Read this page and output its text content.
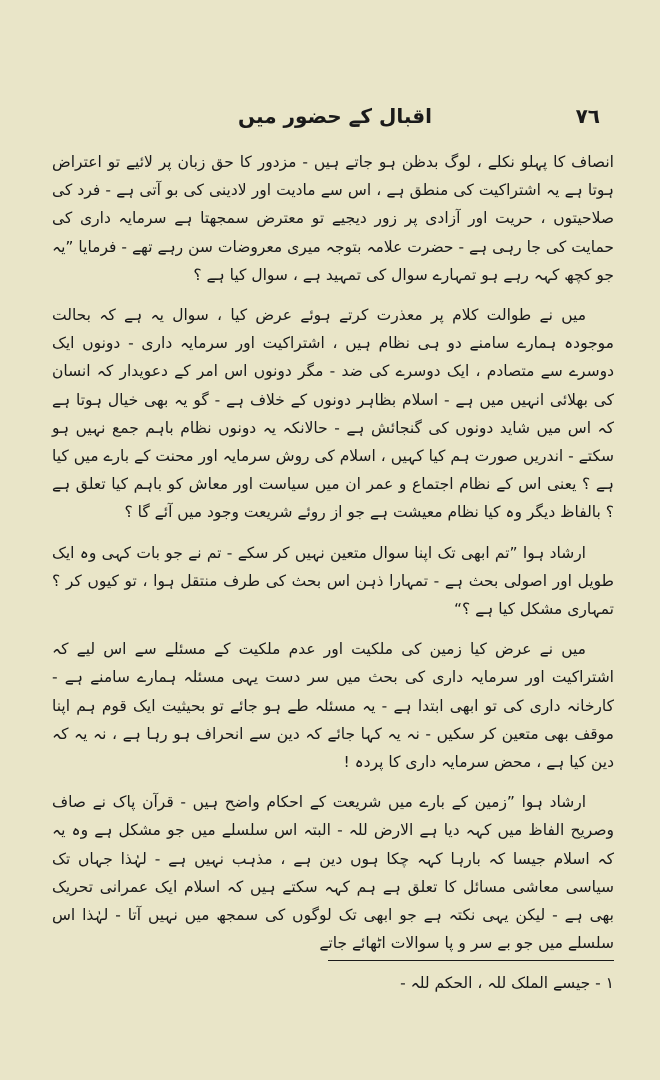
٧٦
اقبال کے حضور میں

انصاف کا پہلو نکلے ، لوگ بدظن ہو جاتے ہیں - مزدور کا حق زبان پر لائیے تو اعتراض ہوتا ہے یہ اشتراکیت کی منطق ہے ، اس سے مادیت اور لادینی کی بو آتی ہے - فرد کی صلاحیتوں ، حریت اور آزادی پر زور دیجیے تو معترض سمجھتا ہے سرمایہ داری کی حمایت کی جا رہی ہے - حضرت علامہ بتوجہ میری معروضات سن رہے تھے - فرمایا ”یہ جو کچھ کہہ رہے ہو تمہارے سوال کی تمہید ہے ، سوال کیا ہے ؟

میں نے طوالت کلام پر معذرت کرتے ہوئے عرض کیا ، سوال یہ ہے کہ بحالت موجودہ ہمارے سامنے دو ہی نظام ہیں ، اشتراکیت اور سرمایہ داری - دونوں ایک دوسرے سے متصادم ، ایک دوسرے کی ضد - مگر دونوں اس امر کے دعویدار کہ انسان کی بھلائی انہیں میں ہے - اسلام بظاہر دونوں کے خلاف ہے - گو یہ بھی خیال ہوتا ہے کہ اس میں شاید دونوں کی گنجائش ہے - حالانکہ یہ دونوں نظام باہم جمع نہیں ہو سکتے - اندریں صورت ہم کیا کہیں ، اسلام کی روش سرمایہ اور محنت کے بارے میں کیا ہے ؟ یعنی اس کے نظام اجتماع و عمر ان میں سیاست اور معاش کو باہم کیا تعلق ہے ؟ بالفاظ دیگر وہ کیا نظام معیشت ہے جو از روئے شریعت وجود میں آئے گا ؟

ارشاد ہوا ”تم ابھی تک اپنا سوال متعین نہیں کر سکے - تم نے جو بات کہی وہ ایک طویل اور اصولی بحث ہے - تمہارا ذہن اس بحث کی طرف منتقل ہوا ، تو کیوں کر ؟ تمہاری مشکل کیا ہے ؟“

میں نے عرض کیا زمین کی ملکیت اور عدم ملکیت کے مسئلے سے اس لیے کہ اشتراکیت اور سرمایہ داری کی بحث میں سر دست یہی مسئلہ ہمارے سامنے ہے - کارخانہ داری کی تو ابھی ابتدا ہے - یہ مسئلہ طے ہو جائے تو بحیثیت ایک قوم ہم اپنا موقف بھی متعین کر سکیں - نہ یہ کہا جائے کہ دین سے انحراف ہو رہا ہے ، نہ یہ کہ دین کیا ہے ، محض سرمایہ داری کا پردہ !

ارشاد ہوا ”زمین کے بارے میں شریعت کے احکام واضح ہیں - قرآن پاک نے صاف وصریح الفاظ میں کہہ دیا ہے الارض للہ - البتہ اس سلسلے میں جو مشکل ہے وہ یہ کہ اسلام جیسا کہ بارہا کہہ چکا ہوں دین ہے ، مذہب نہیں ہے - لہٰذا جہاں تک سیاسی معاشی مسائل کا تعلق ہے ہم کہہ سکتے ہیں کہ اسلام ایک عمرانی تحریک بھی ہے - لیکن یہی نکتہ ہے جو ابھی تک لوگوں کی سمجھ میں نہیں آتا - لہٰذا اس سلسلے میں جو بے سر و پا سوالات اٹھائے جاتے

١ - جیسے الملک للہ ، الحکم للہ -
